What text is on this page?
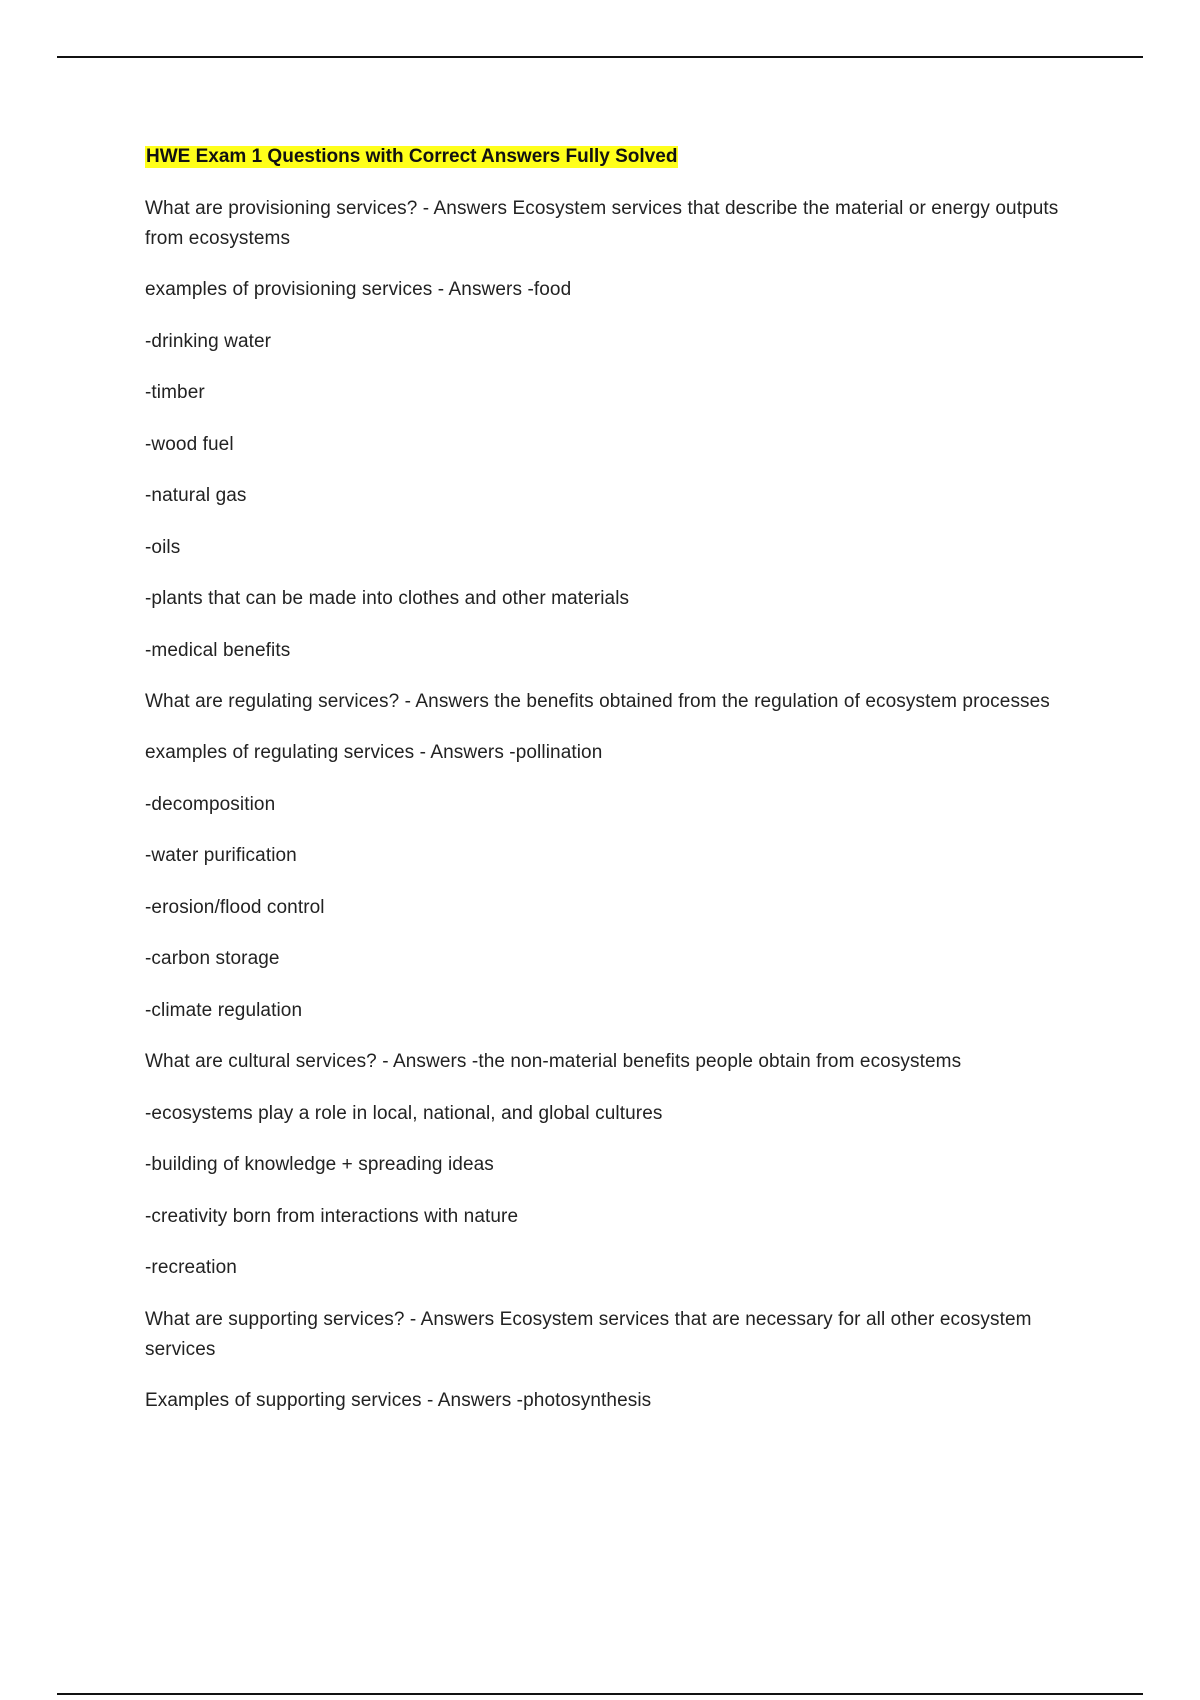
HWE Exam 1 Questions with Correct Answers Fully Solved

What are provisioning services? - Answers Ecosystem services that describe the material or energy outputs from ecosystems

examples of provisioning services - Answers -food

-drinking water

-timber

-wood fuel

-natural gas

-oils

-plants that can be made into clothes and other materials

-medical benefits

What are regulating services? - Answers the benefits obtained from the regulation of ecosystem processes

examples of regulating services - Answers -pollination

-decomposition

-water purification

-erosion/flood control

-carbon storage

-climate regulation

What are cultural services? - Answers -the non-material benefits people obtain from ecosystems

-ecosystems play a role in local, national, and global cultures

-building of knowledge + spreading ideas

-creativity born from interactions with nature

-recreation

What are supporting services? - Answers Ecosystem services that are necessary for all other ecosystem services

Examples of supporting services - Answers -photosynthesis
